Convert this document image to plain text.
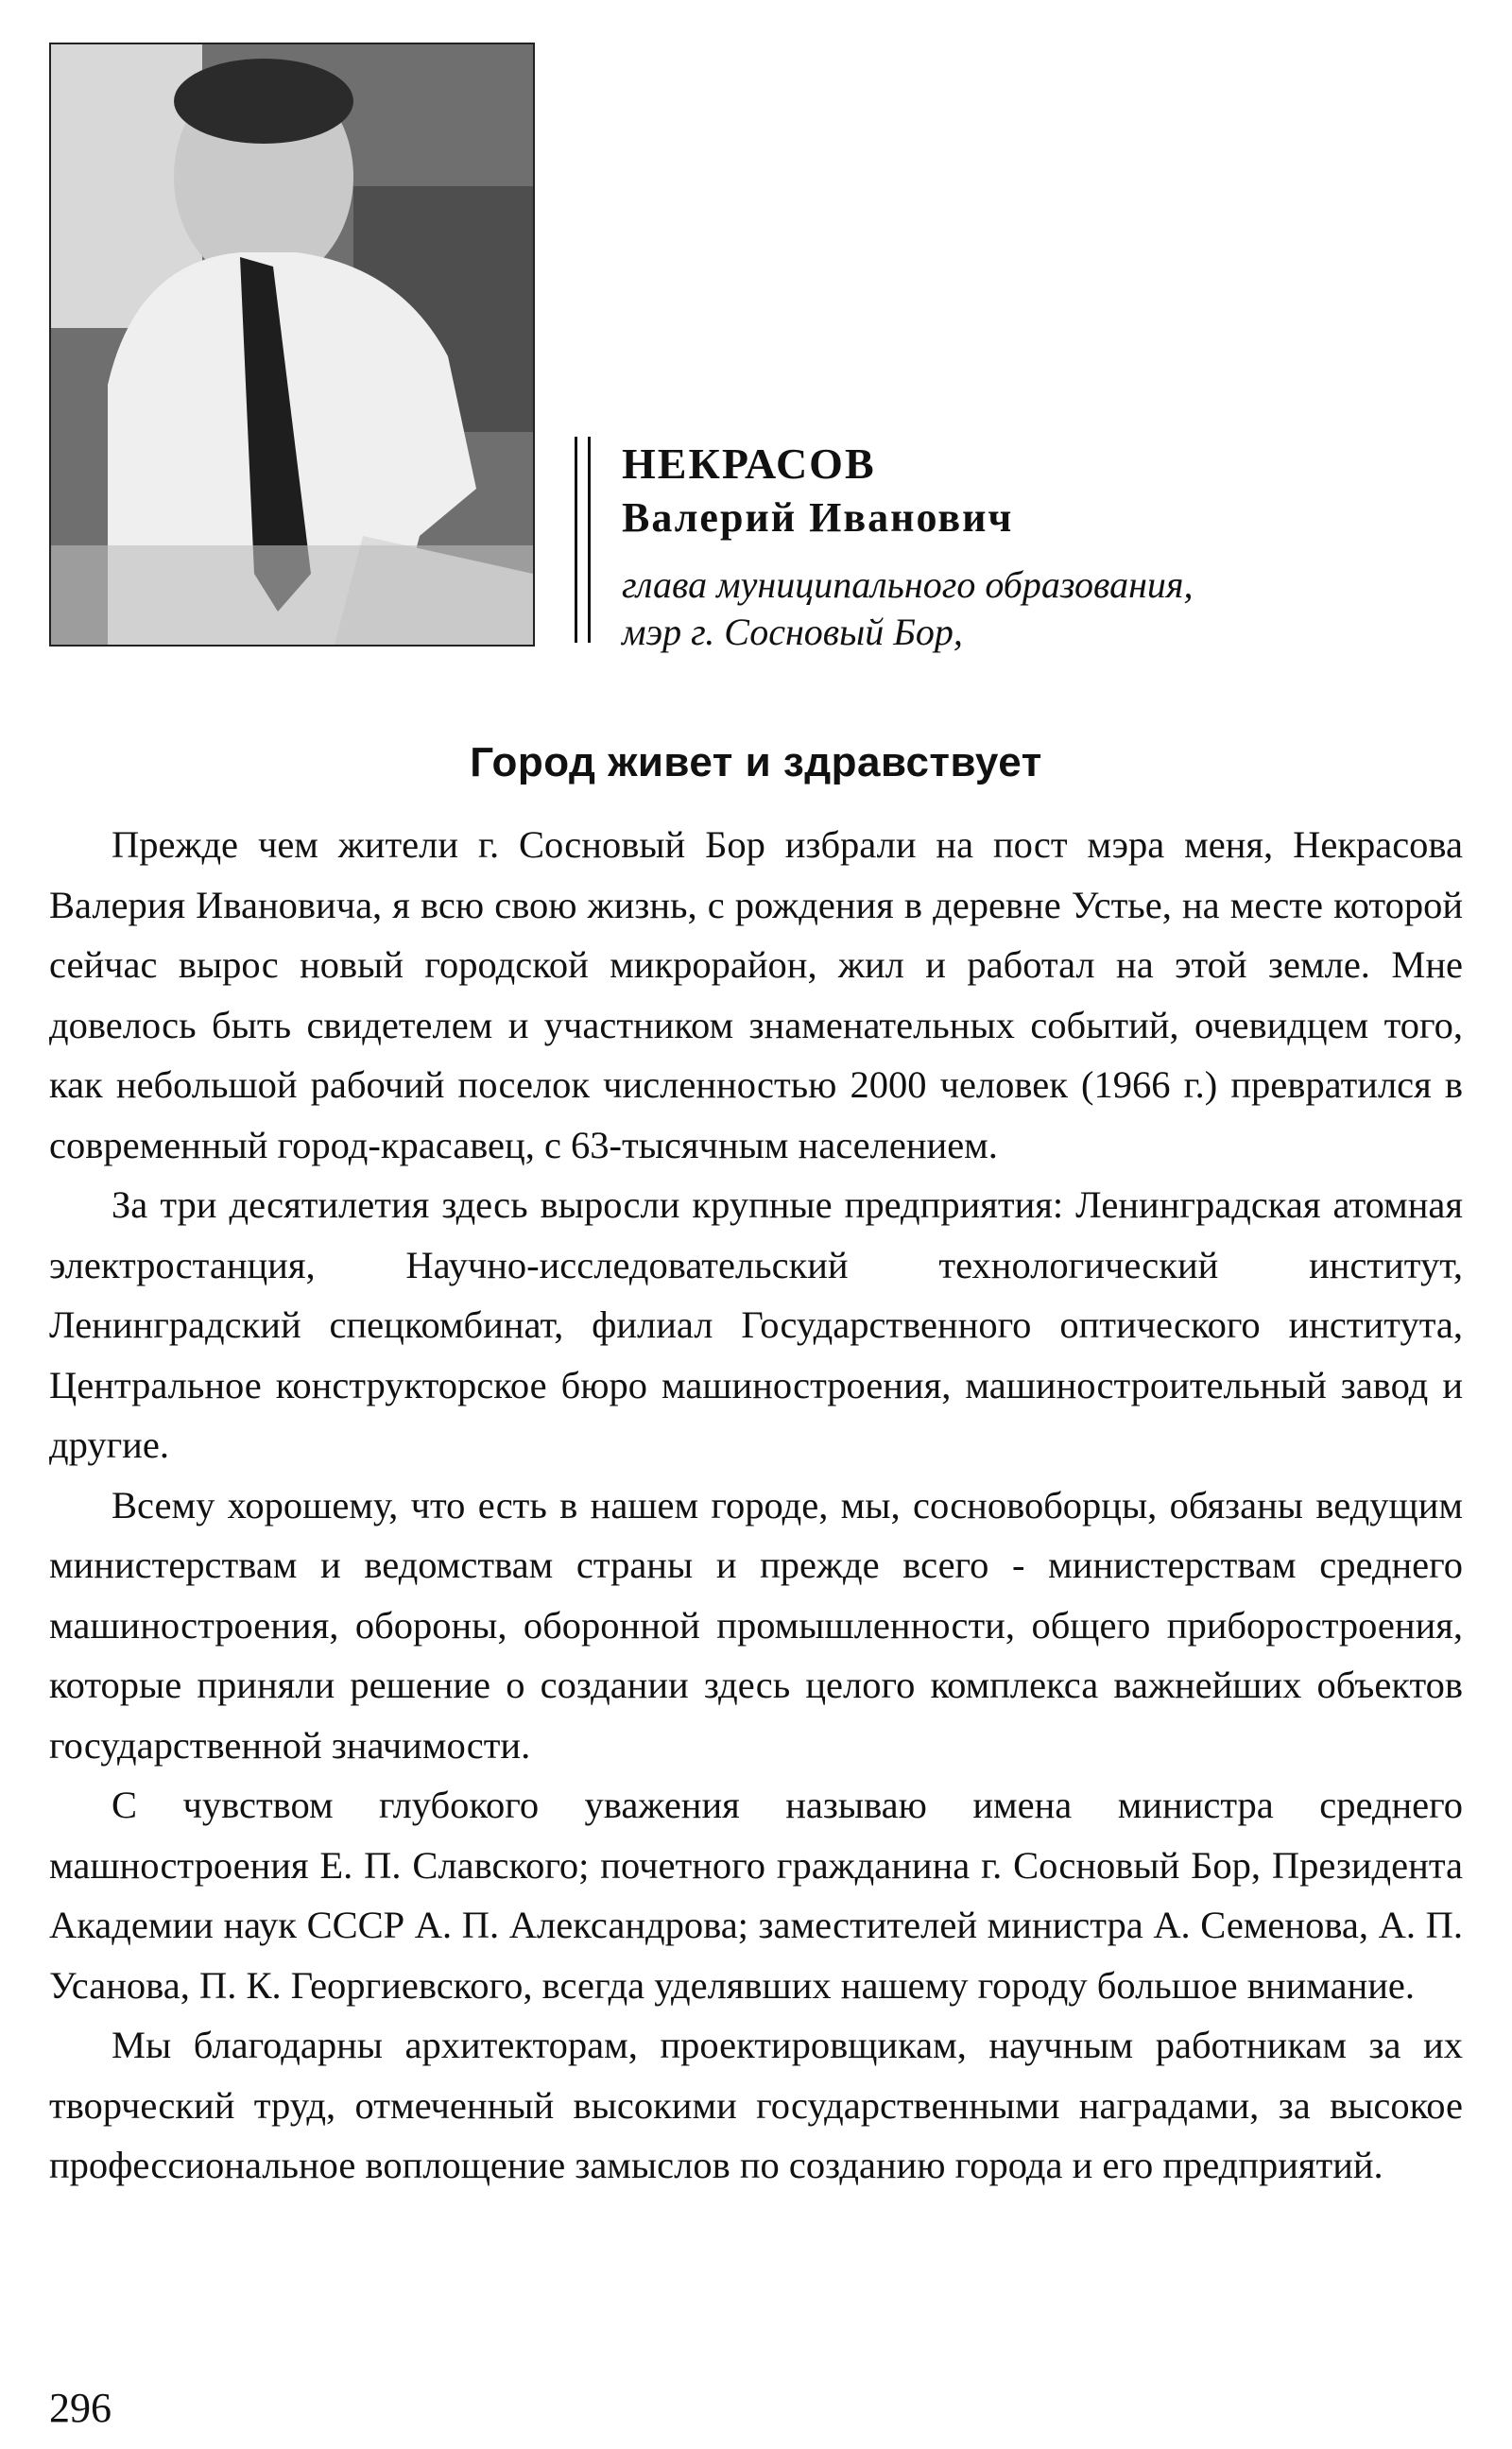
НЕКРАСОВ
Валерий Иванович
глава муниципального образования,
мэр г. Сосновый Бор,
Город живет и здравствует

Прежде чем жители г. Сосновый Бор избрали на пост мэра меня, Некрасова Валерия Ивановича, я всю свою жизнь, с рождения в деревне Устье, на месте которой сейчас вырос новый городской микрорайон, жил и работал на этой земле. Мне довелось быть свидетелем и участником знаменательных событий, очевидцем того, как небольшой рабочий поселок численностью 2000 человек (1966 г.) превратился в современный город-красавец, с 63-тысячным населением.

За три десятилетия здесь выросли крупные предприятия: Ленинградская атомная электростанция, Научно-исследовательский технологический институт, Ленинградский спецкомбинат, филиал Государственного оптического института, Центральное конструкторское бюро машиностроения, машиностроительный завод и другие.

Всему хорошему, что есть в нашем городе, мы, сосновоборцы, обязаны ведущим министерствам и ведомствам страны и прежде всего - министерствам среднего машиностроения, обороны, оборонной промышленности, общего приборостроения, которые приняли решение о создании здесь целого комплекса важнейших объектов государственной значимости.

С чувством глубокого уважения называю имена министра среднего машностроения Е. П. Славского; почетного гражданина г. Сосновый Бор, Президента Академии наук СССР А. П. Александрова; заместителей министра А. Семенова, А. П. Усанова, П. К. Георгиевского, всегда уделявших нашему городу большое внимание.

Мы благодарны архитекторам, проектировщикам, научным работникам за их творческий труд, отмеченный высокими государственными наградами, за высокое профессиональное воплощение замыслов по созданию города и его предприятий.

296
